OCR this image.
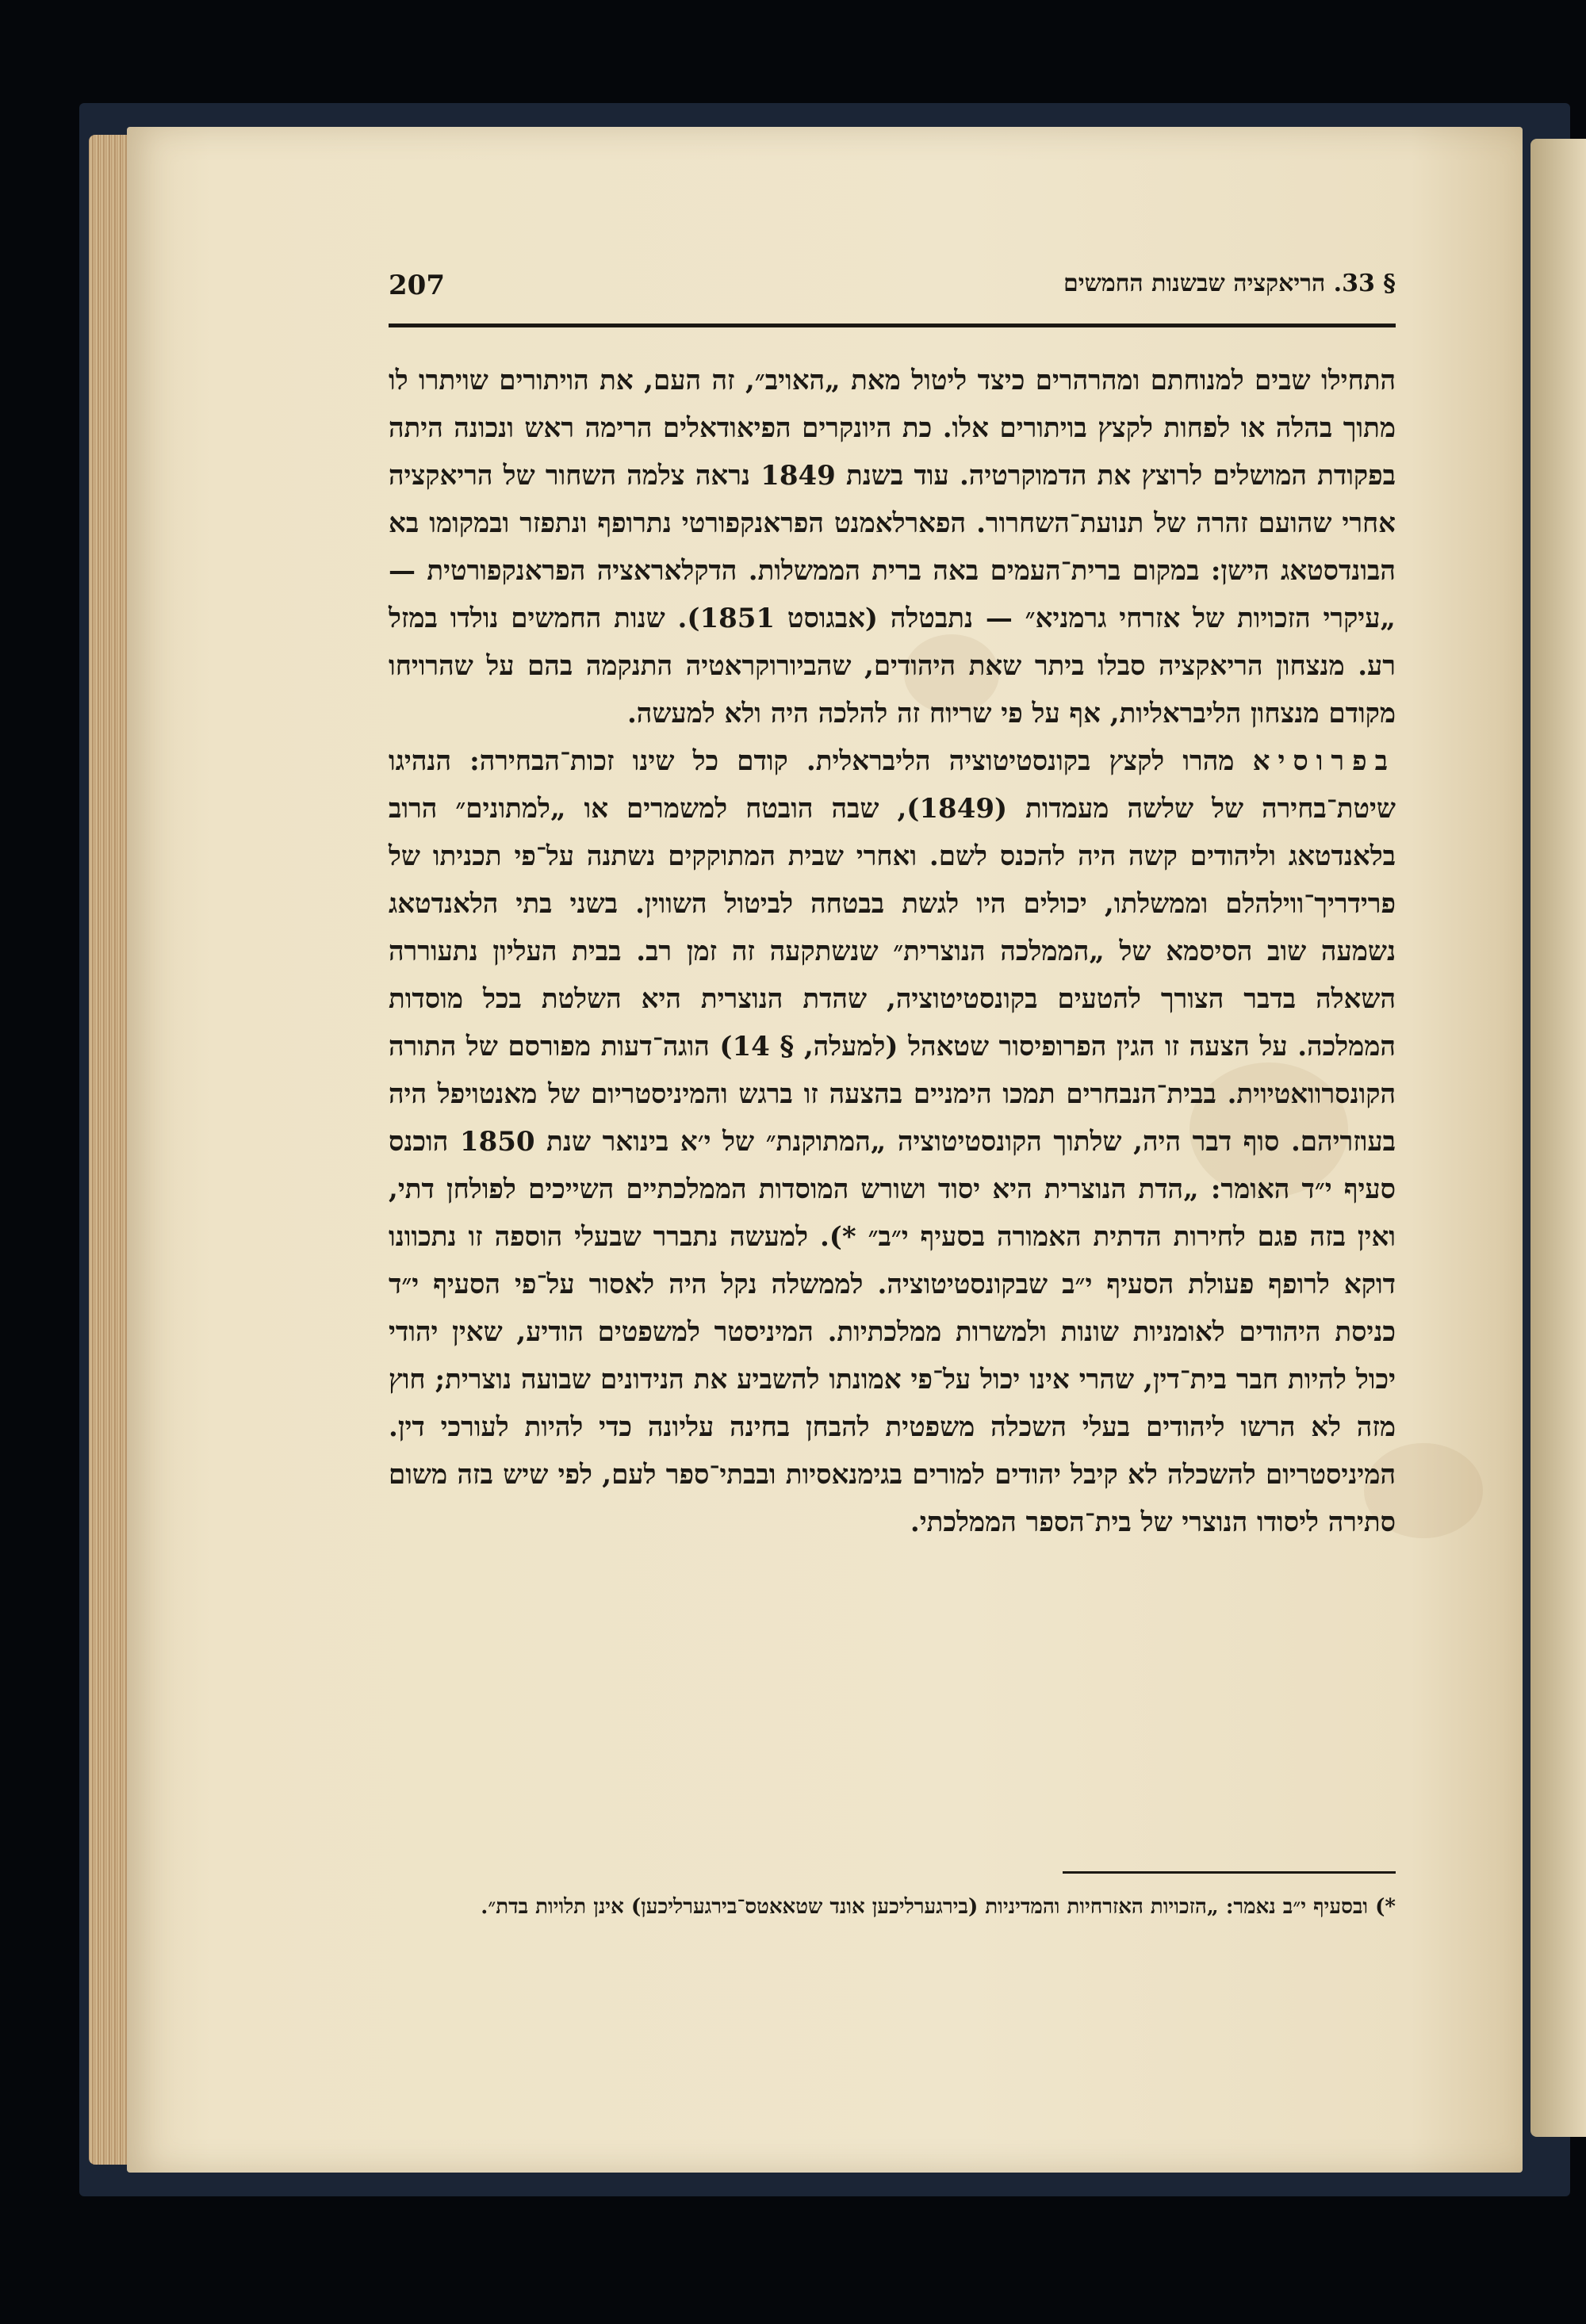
207	§ 33. הריאקציה שבשנות החמשים

התחילו שבים למנוחתם ומהרהרים כיצד ליטול מאת „האויב״, זה העם, את הויתורים שויתרו לו מתוך בהלה או לפחות לקצץ בויתורים אלו. כת היונקרים הפיאודאלים הרימה ראש ונכונה היתה בפקודת המושלים לרוצץ את הדמוקרטיה. עוד בשנת 1849 נראה צלמה השחור של הריאקציה אחרי שהועם זהרה של תנועת־השחרור. הפארלאמנט הפראנקפורטי נתרופף ונתפזר ובמקומו בא הבונדסטאג הישן: במקום ברית־העמים באה ברית הממשלות. הדקלאראציה הפראנקפורטית — „עיקרי הזכויות של אזרחי גרמניא״ — נתבטלה (אבגוסט 1851). שנות החמשים נולדו במזל רע. מנצחון הריאקציה סבלו ביתר שאת היהודים, שהביורוקראטיה התנקמה בהם על שהרויחו מקודם מנצחון הליבראליות, אף על פי שריוח זה להלכה היה ולא למעשה.

בפרוסיא מהרו לקצץ בקונסטיטוציה הליבראלית. קודם כל שינו זכות־הבחירה: הנהיגו שיטת־בחירה של שלשה מעמדות (1849), שבה הובטח למשמרים או „למתונים״ הרוב בלאנדטאג וליהודים קשה היה להכנס לשם. ואחרי שבית המתוקקים נשתנה על־פי תכניתו של פרידריך־ווילהלם וממשלתו, יכולים היו לגשת בבטחה לביטול השווין. בשני בתי הלאנדטאג נשמעה שוב הסיסמא של „הממלכה הנוצרית״ שנשתקעה זה זמן רב. בבית העליון נתעוררה השאלה בדבר הצורך להטעים בקונסטיטוציה, שהדת הנוצרית היא השלטת בכל מוסדות הממלכה. על הצעה זו הגין הפרופיסור שטאהל (למעלה, § 14) הוגה־דעות מפורסם של התורה הקונסרוואטיוית. בבית־הנבחרים תמכו הימניים בהצעה זו ברגש והמיניסטריום של מאנטויפל היה בעוזריהם. סוף דבר היה, שלתוך הקונסטיטוציה „המתוקנת״ של י׳א בינואר שנת 1850 הוכנס סעיף י״ד האומר: „הדת הנוצרית היא יסוד ושורש המוסדות הממלכתיים השייכים לפולחן דתי, ואין בזה פגם לחירות הדתית האמורה בסעיף י״ב״ *). למעשה נתברר שבעלי הוספה זו נתכוונו דוקא לרופף פעולת הסעיף י״ב שבקונסטיטוציה. לממשלה נקל היה לאסור על־פי הסעיף י״ד כניסת היהודים לאומניות שונות ולמשרות ממלכתיות. המיניסטר למשפטים הודיע, שאין יהודי יכול להיות חבר בית־דין, שהרי אינו יכול על־פי אמונתו להשביע את הנידונים שבועה נוצרית; חוץ מזה לא הרשו ליהודים בעלי השכלה משפטית להבחן בחינה עליונה כדי להיות לעורכי דין. המיניסטריום להשכלה לא קיבל יהודים למורים בגימנאסיות ובבתי־ספר לעם, לפי שיש בזה משום סתירה ליסודו הנוצרי של בית־הספר הממלכתי.

*) ובסעיף י״ב נאמר: „הזכויות האזרחיות והמדיניות (בירגערליכען אונד שטאאטס־בירגערליכען) אינן תלויות בדת״.
